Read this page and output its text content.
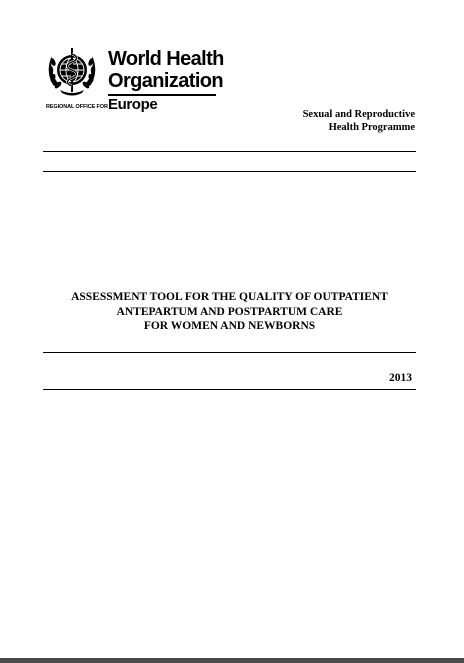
World Health
Organization
REGIONAL OFFICE FOR Europe
Sexual and Reproductive
Health Programme
ASSESSMENT TOOL FOR THE QUALITY OF OUTPATIENT
ANTEPARTUM AND POSTPARTUM CARE
FOR WOMEN AND NEWBORNS
2013
